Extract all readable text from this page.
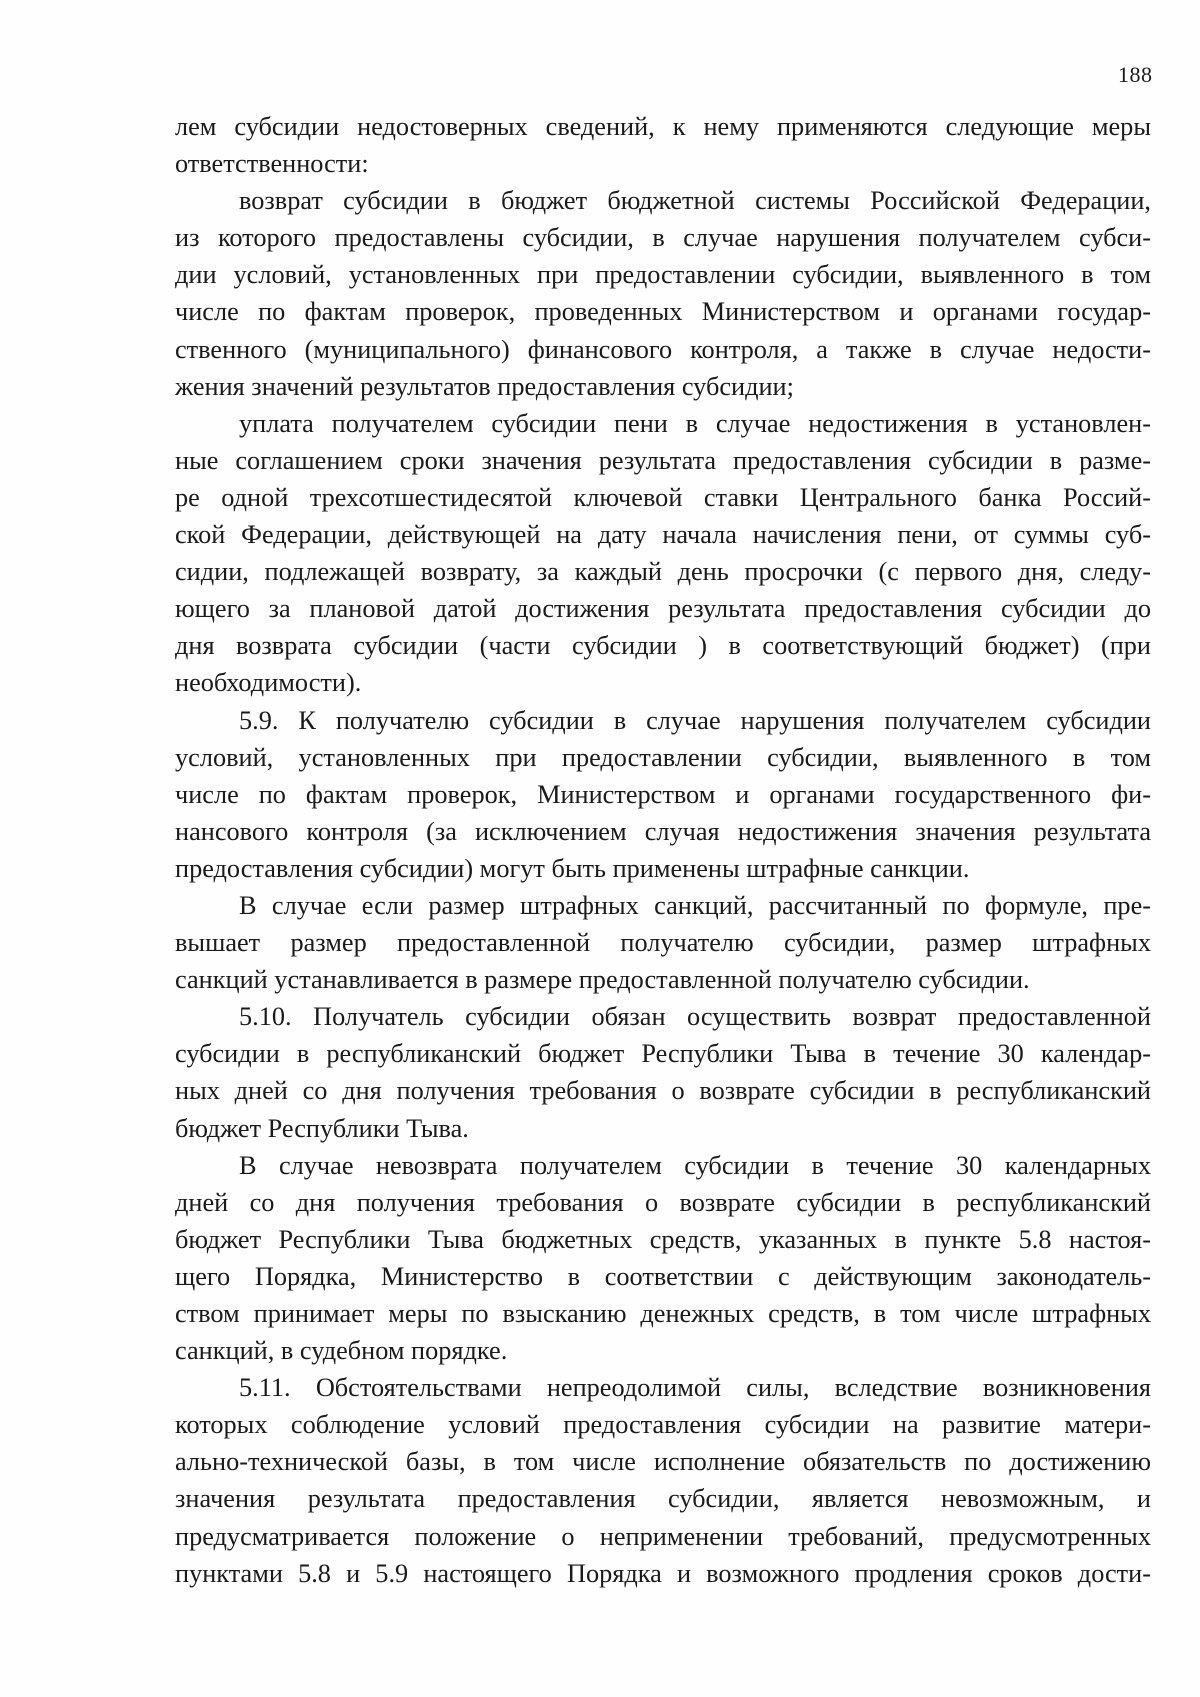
188
лем субсидии недостоверных сведений, к нему применяются следующие меры
ответственности:
возврат субсидии в бюджет бюджетной системы Российской Федерации,
из которого предоставлены субсидии, в случае нарушения получателем субси-
дии условий, установленных при предоставлении субсидии, выявленного в том
числе по фактам проверок, проведенных Министерством и органами государ-
ственного (муниципального) финансового контроля, а также в случае недости-
жения значений результатов предоставления субсидии;
уплата получателем субсидии пени в случае недостижения в установлен-
ные соглашением сроки значения результата предоставления субсидии в разме-
ре одной трехсотшестидесятой ключевой ставки Центрального банка Россий-
ской Федерации, действующей на дату начала начисления пени, от суммы суб-
сидии, подлежащей возврату, за каждый день просрочки (с первого дня, следу-
ющего за плановой датой достижения результата предоставления субсидии до
дня возврата субсидии (части субсидии ) в соответствующий бюджет) (при
необходимости).
5.9. К получателю субсидии в случае нарушения получателем субсидии
условий, установленных при предоставлении субсидии, выявленного в том
числе по фактам проверок, Министерством и органами государственного фи-
нансового контроля (за исключением случая недостижения значения результата
предоставления субсидии) могут быть применены штрафные санкции.
В случае если размер штрафных санкций, рассчитанный по формуле, пре-
вышает размер предоставленной получателю субсидии, размер штрафных
санкций устанавливается в размере предоставленной получателю субсидии.
5.10. Получатель субсидии обязан осуществить возврат предоставленной
субсидии в республиканский бюджет Республики Тыва в течение 30 календар-
ных дней со дня получения требования о возврате субсидии в республиканский
бюджет Республики Тыва.
В случае невозврата получателем субсидии в течение 30 календарных
дней со дня получения требования о возврате субсидии в республиканский
бюджет Республики Тыва бюджетных средств, указанных в пункте 5.8 настоя-
щего Порядка, Министерство в соответствии с действующим законодатель-
ством принимает меры по взысканию денежных средств, в том числе штрафных
санкций, в судебном порядке.
5.11. Обстоятельствами непреодолимой силы, вследствие возникновения
которых соблюдение условий предоставления субсидии на развитие матери-
ально-технической базы, в том числе исполнение обязательств по достижению
значения результата предоставления субсидии, является невозможным, и
предусматривается положение о неприменении требований, предусмотренных
пунктами 5.8 и 5.9 настоящего Порядка и возможного продления сроков дости-
